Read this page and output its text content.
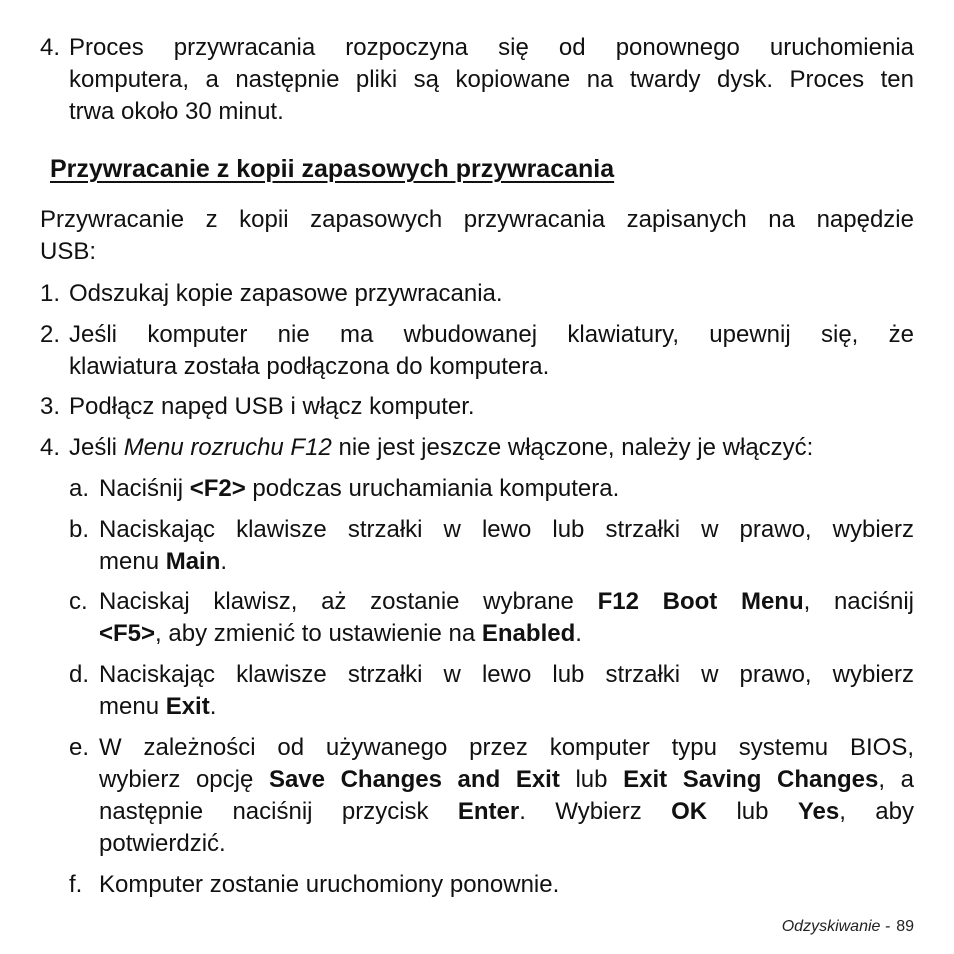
4. Proces przywracania rozpoczyna się od ponownego uruchomienia
komputera, a następnie pliki są kopiowane na twardy dysk. Proces ten
trwa około 30 minut.
Przywracanie z kopii zapasowych przywracania
Przywracanie z kopii zapasowych przywracania zapisanych na napędzie
USB:
1. Odszukaj kopie zapasowe przywracania.
2. Jeśli komputer nie ma wbudowanej klawiatury, upewnij się, że
klawiatura została podłączona do komputera.
3. Podłącz napęd USB i włącz komputer.
4. Jeśli Menu rozruchu F12 nie jest jeszcze włączone, należy je włączyć:
a. Naciśnij <F2> podczas uruchamiania komputera.
b. Naciskając klawisze strzałki w lewo lub strzałki w prawo, wybierz
menu Main.
c. Naciskaj klawisz, aż zostanie wybrane F12 Boot Menu, naciśnij
<F5>, aby zmienić to ustawienie na Enabled.
d. Naciskając klawisze strzałki w lewo lub strzałki w prawo, wybierz
menu Exit.
e. W zależności od używanego przez komputer typu systemu BIOS,
wybierz opcję Save Changes and Exit lub Exit Saving Changes, a
następnie naciśnij przycisk Enter. Wybierz OK lub Yes, aby
potwierdzić.
f. Komputer zostanie uruchomiony ponownie.
Odzyskiwanie - 89
